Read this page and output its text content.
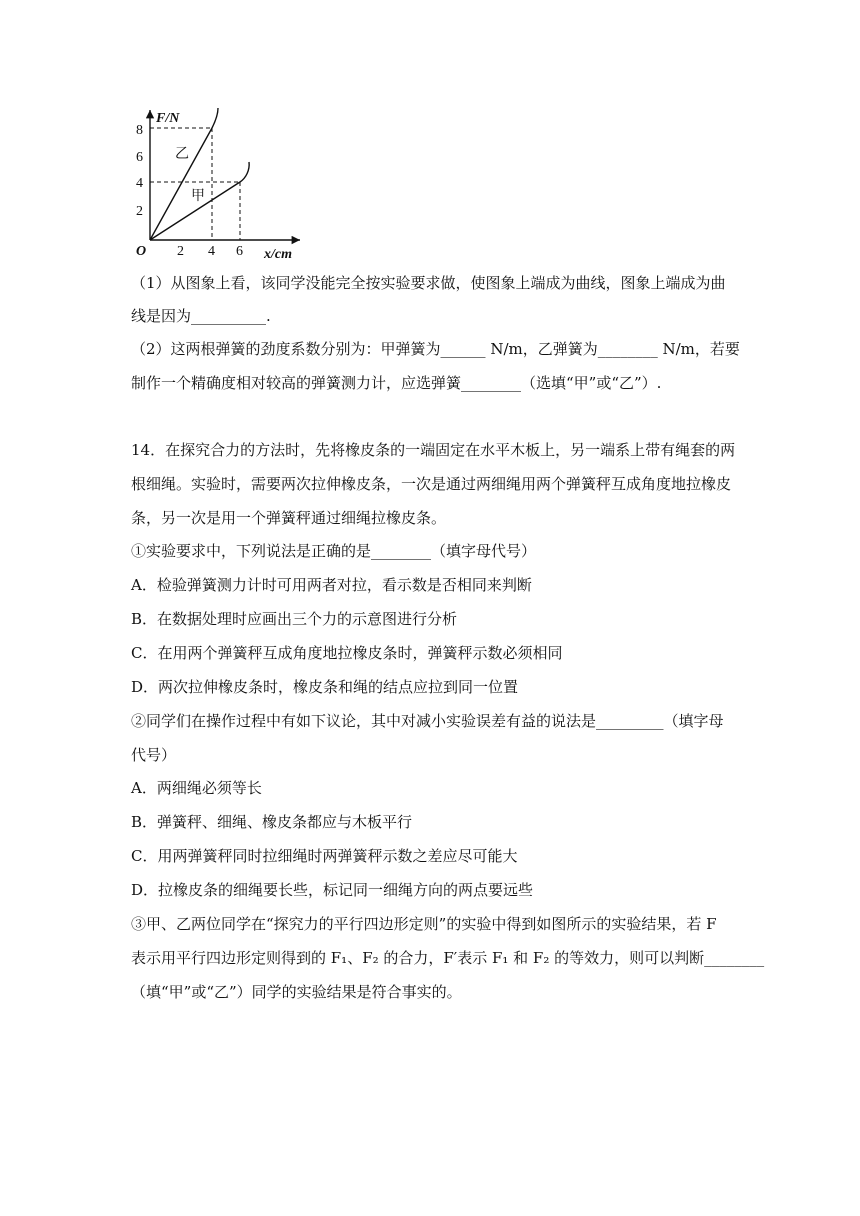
F/N
x/cm
O
2
4
6
8
2 4 6
乙
甲
（1）从图象上看，该同学没能完全按实验要求做，使图象上端成为曲线，图象上端成为曲
线是因为__________.
（2）这两根弹簧的劲度系数分别为：甲弹簧为______ N/m，乙弹簧为________ N/m，若要
制作一个精确度相对较高的弹簧测力计，应选弹簧________（选填“甲”或“乙”）.
14．在探究合力的方法时，先将橡皮条的一端固定在水平木板上，另一端系上带有绳套的两
根细绳。实验时，需要两次拉伸橡皮条，一次是通过两细绳用两个弹簧秤互成角度地拉橡皮
条，另一次是用一个弹簧秤通过细绳拉橡皮条。
①实验要求中，下列说法是正确的是________（填字母代号）
A．检验弹簧测力计时可用两者对拉，看示数是否相同来判断
B．在数据处理时应画出三个力的示意图进行分析
C．在用两个弹簧秤互成角度地拉橡皮条时，弹簧秤示数必须相同
D．两次拉伸橡皮条时，橡皮条和绳的结点应拉到同一位置
②同学们在操作过程中有如下议论，其中对减小实验误差有益的说法是_________（填字母
代号）
A．两细绳必须等长
B．弹簧秤、细绳、橡皮条都应与木板平行
C．用两弹簧秤同时拉细绳时两弹簧秤示数之差应尽可能大
D．拉橡皮条的细绳要长些，标记同一细绳方向的两点要远些
③甲、乙两位同学在“探究力的平行四边形定则”的实验中得到如图所示的实验结果，若 F
表示用平行四边形定则得到的 F₁、F₂ 的合力，F′表示 F₁ 和 F₂ 的等效力，则可以判断________
（填“甲”或“乙”）同学的实验结果是符合事实的。
